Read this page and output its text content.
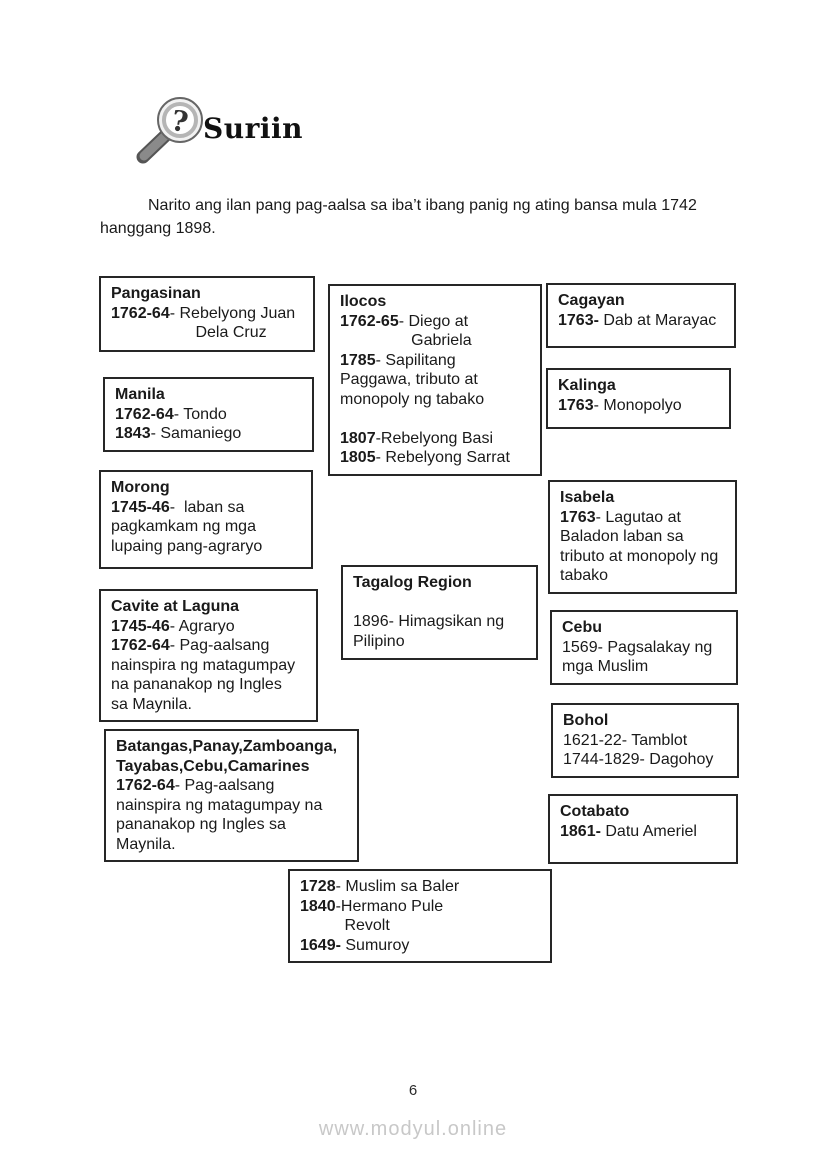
? Suriin

Narito ang ilan pang pag-aalsa sa iba’t ibang panig ng ating bansa mula 1742 hanggang 1898.

Pangasinan
1762-64- Rebelyong Juan
Dela Cruz
Manila
1762-64- Tondo
1843- Samaniego
Morong
1745-46-  laban sa
pagkamkam ng mga
lupaing pang-agraryo
Cavite at Laguna
1745-46- Agraryo
1762-64- Pag-aalsang
nainspira ng matagumpay
na pananakop ng Ingles
sa Maynila.
Batangas,Panay,Zamboanga,
Tayabas,Cebu,Camarines
1762-64- Pag-aalsang
nainspira ng matagumpay na
pananakop ng Ingles sa
Maynila.
Ilocos
1762-65- Diego at
Gabriela
1785- Sapilitang
Paggawa, tributo at
monopoly ng tabako

1807-Rebelyong Basi
1805- Rebelyong Sarrat
Tagalog Region

1896- Himagsikan ng
Pilipino
1728- Muslim sa Baler
1840-Hermano Pule
Revolt
1649- Sumuroy
Cagayan
1763- Dab at Marayac
Kalinga
1763- Monopolyo
Isabela
1763- Lagutao at
Baladon laban sa
tributo at monopoly ng
tabako
Cebu
1569- Pagsalakay ng
mga Muslim
Bohol
1621-22- Tamblot
1744-1829- Dagohoy
Cotabato
1861- Datu Ameriel
6
www.modyul.online
